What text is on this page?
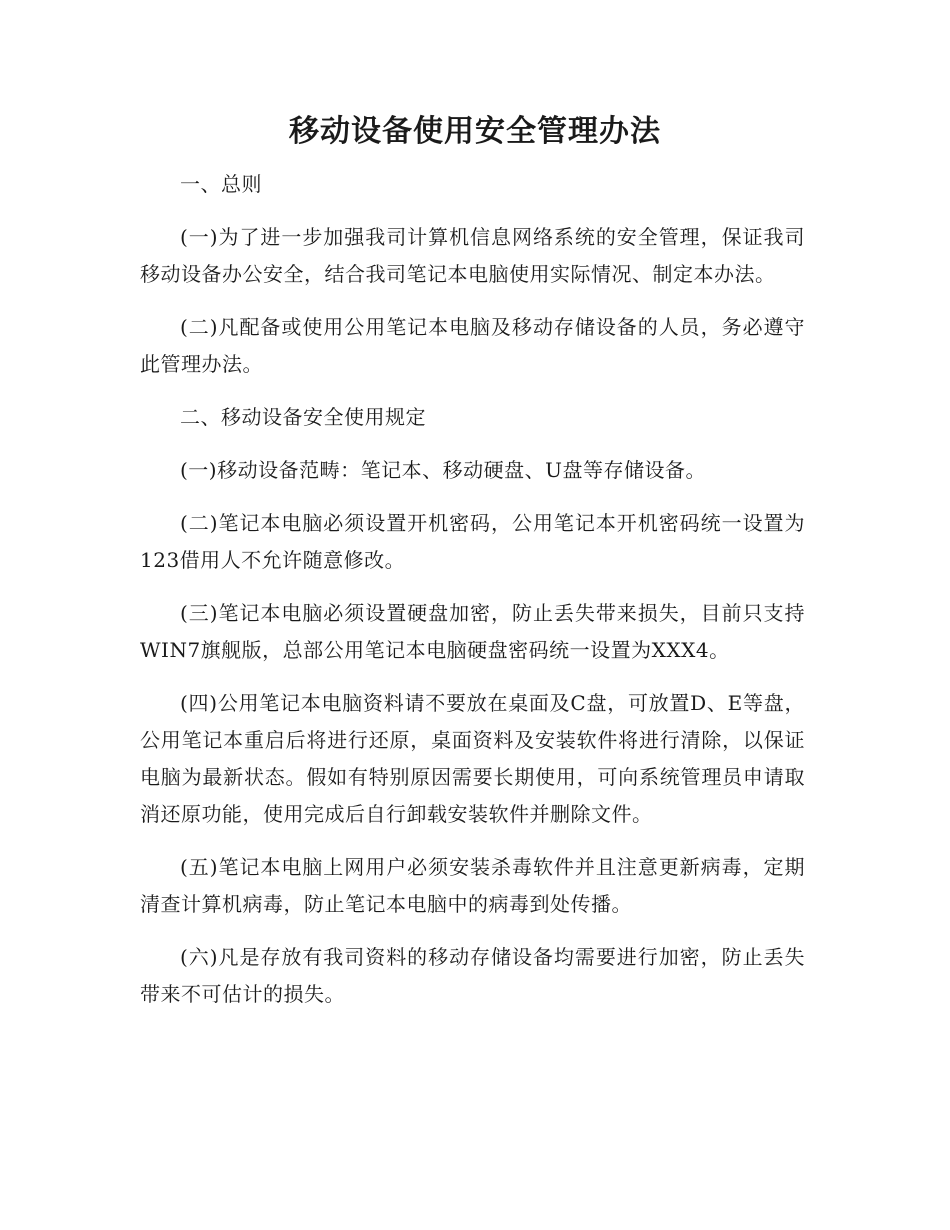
移动设备使用安全管理办法

一、总则

(一)为了进一步加强我司计算机信息网络系统的安全管理，保证我司移动设备办公安全，结合我司笔记本电脑使用实际情况、制定本办法。

(二)凡配备或使用公用笔记本电脑及移动存储设备的人员，务必遵守此管理办法。

二、移动设备安全使用规定

(一)移动设备范畴：笔记本、移动硬盘、U盘等存储设备。

(二)笔记本电脑必须设置开机密码，公用笔记本开机密码统一设置为123借用人不允许随意修改。

(三)笔记本电脑必须设置硬盘加密，防止丢失带来损失，目前只支持WIN7旗舰版，总部公用笔记本电脑硬盘密码统一设置为XXX4。

(四)公用笔记本电脑资料请不要放在桌面及C盘，可放置D、E等盘，公用笔记本重启后将进行还原，桌面资料及安装软件将进行清除，以保证电脑为最新状态。假如有特别原因需要长期使用，可向系统管理员申请取消还原功能，使用完成后自行卸载安装软件并删除文件。

(五)笔记本电脑上网用户必须安装杀毒软件并且注意更新病毒，定期清查计算机病毒，防止笔记本电脑中的病毒到处传播。

(六)凡是存放有我司资料的移动存储设备均需要进行加密，防止丢失带来不可估计的损失。
